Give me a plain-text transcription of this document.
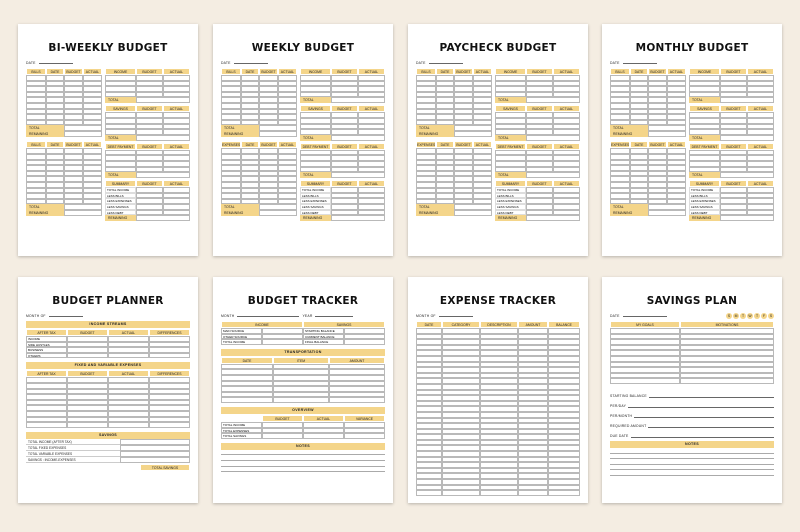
BI-WEEKLY BUDGET
DATE
BILLS	DATE	BUDGET	ACTUAL
TOTAL
REMAINING
BILLS	DATE	BUDGET	ACTUAL
TOTAL
REMAINING
INCOME	BUDGET	ACTUAL
TOTAL
SAVINGS	BUDGET	ACTUAL
TOTAL
DEBT PAYMENT	BUDGET	ACTUAL
TOTAL
SUMMARY	BUDGET	ACTUAL
TOTAL INCOME
LESS BILLS
LESS EXPENSES
LESS SAVINGS
LESS DEBT
REMAINING
WEEKLY BUDGET
DATE
BILLS	DATE	BUDGET	ACTUAL
TOTAL
REMAINING
EXPENSES	DATE	BUDGET	ACTUAL
TOTAL
REMAINING
INCOME	BUDGET	ACTUAL
TOTAL
SAVINGS	BUDGET	ACTUAL
TOTAL
DEBT PAYMENT	BUDGET	ACTUAL
TOTAL
SUMMARY	BUDGET	ACTUAL
TOTAL INCOME
LESS BILLS
LESS EXPENSES
LESS SAVINGS
LESS DEBT
REMAINING
PAYCHECK BUDGET
DATE
BILLS	DATE	BUDGET	ACTUAL
TOTAL
REMAINING
EXPENSES	DATE	BUDGET	ACTUAL
TOTAL
REMAINING
INCOME	BUDGET	ACTUAL
TOTAL
SAVINGS	BUDGET	ACTUAL
TOTAL
DEBT PAYMENT	BUDGET	ACTUAL
TOTAL
SUMMARY	BUDGET	ACTUAL
TOTAL INCOME
LESS BILLS
LESS EXPENSES
LESS SAVINGS
LESS DEBT
REMAINING
MONTHLY BUDGET
DATE
BILLS	DATE	BUDGET	ACTUAL
TOTAL
REMAINING
EXPENSES	DATE	BUDGET	ACTUAL
TOTAL
REMAINING
INCOME	BUDGET	ACTUAL
TOTAL
SAVINGS	BUDGET	ACTUAL
TOTAL
DEBT PAYMENT	BUDGET	ACTUAL
TOTAL
SUMMARY	BUDGET	ACTUAL
TOTAL INCOME
LESS BILLS
LESS EXPENSES
LESS SAVINGS
LESS DEBT
REMAINING
BUDGET PLANNER
MONTH OF
INCOME STREAMS
AFTER TAX	BUDGET	ACTUAL	DIFFERENCES
INCOME
SIDE HUSTLES
BUSINESS
OTHERS
FIXED AND VARIABLE EXPENSES
AFTER TAX	BUDGET	ACTUAL	DIFFERENCES
SAVINGS
TOTAL INCOME (AFTER TAX)
TOTAL FIXED EXPENSES
TOTAL VARIABLE EXPENSES
SAVINGS : INCOME-EXPENSES
TOTAL SAVINGS
BUDGET TRACKER
MONTH	YEAR
INCOME	SAVINGS
MAIN SOURCE	STARTING BALANCE
OTHER SOURCE	CURRENT BALANCE
TOTAL INCOME	FINAL BALANCE
TRANSPORTATION
DATE	ITEM	AMOUNT
OVERVIEW
BUDGET	ACTUAL	VARIANCE
TOTAL INCOME
TOTAL EXPENSES
TOTAL SAVINGS
NOTES
EXPENSE TRACKER
MONTH OF
DATE	CATEGORY	DESCRIPTION	AMOUNT	BALANCE
SAVINGS PLAN
DATE	S	M	T	W	T	F	S
MY GOALS	MOTIVATIONS
STARTING BALANCE
PER/DAY
PER/MONTH
REQUIRED AMOUNT
DUE DATE
NOTES
